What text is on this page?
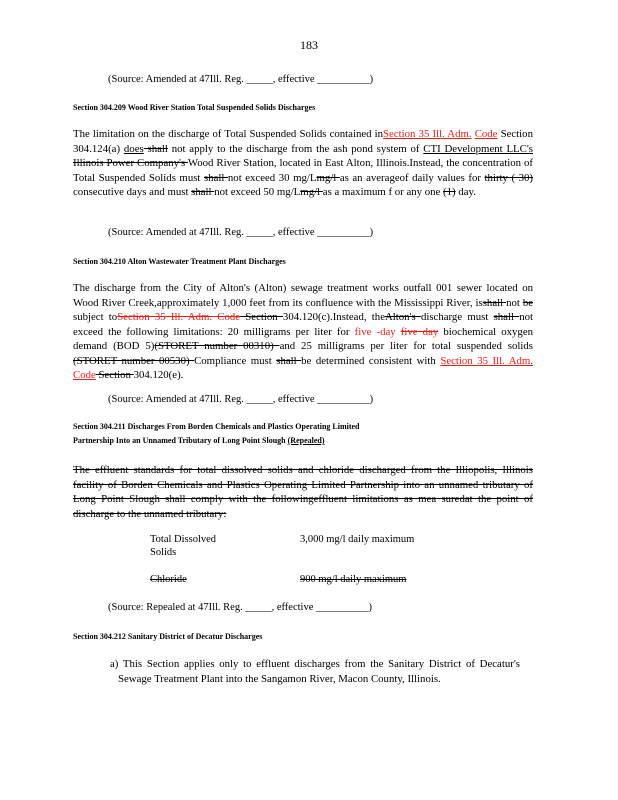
183
(Source: Amended at 47Ill. Reg. _____, effective __________)
Section 304.209 Wood River Station Total Suspended Solids Discharges
The limitation on the discharge of Total Suspended Solids contained inSection 35 Ill. Adm. Code Section 304.124(a) does shall not apply to the discharge from the ash pond system of CTI Development LLC's Illinois Power Company's Wood River Station, located in East Alton, Illinois.Instead, the concentration of Total Suspended Solids must shall not exceed 30 mg/Lmg/l as an averageof daily values for thirty ( 30) consecutive days and must shall not exceed 50 mg/Lmg/l as a maximum f or any one (1) day.
(Source: Amended at 47Ill. Reg. _____, effective __________)
Section 304.210 Alton Wastewater Treatment Plant Discharges
The discharge from the City of Alton's (Alton) sewage treatment works outfall 001 sewer located on Wood River Creek,approximately 1,000 feet from its confluence with the Mississippi River, isshall not be subject toSection 35 Ill. Adm. Code Section 304.120(c).Instead, theAlton's discharge must shall not exceed the following limitations: 20 milligrams per liter for five -day five day biochemical oxygen demand (BOD 5)(STORET number 00310) and 25 milligrams per liter for total suspended solids (STORET number 00530) Compliance must shall be determined consistent with Section 35 Ill. Adm. Code Section 304.120(e).
(Source: Amended at 47Ill. Reg. _____, effective __________)
Section 304.211 Discharges From Borden Chemicals and Plastics Operating Limited
Partnership Into an Unnamed Tributary of Long Point Slough (Repealed)
The effluent standards for total dissolved solids and chloride discharged from the Illiopolis, Illinois facility of Borden Chemicals and Plastics Operating Limited Partnership into an unnamed tributary of Long Point Slough shall comply with the followingeffluent limitations as mea suredat the point of discharge to the unnamed tributary:
Total Dissolved Solids
3,000 mg/l daily maximum
Chloride	900 mg/l daily maximum
(Source: Repealed at 47Ill. Reg. _____, effective __________)
Section 304.212 Sanitary District of Decatur Discharges
a) This Section applies only to effluent discharges from the Sanitary District of Decatur's Sewage Treatment Plant into the Sangamon River, Macon County, Illinois.
